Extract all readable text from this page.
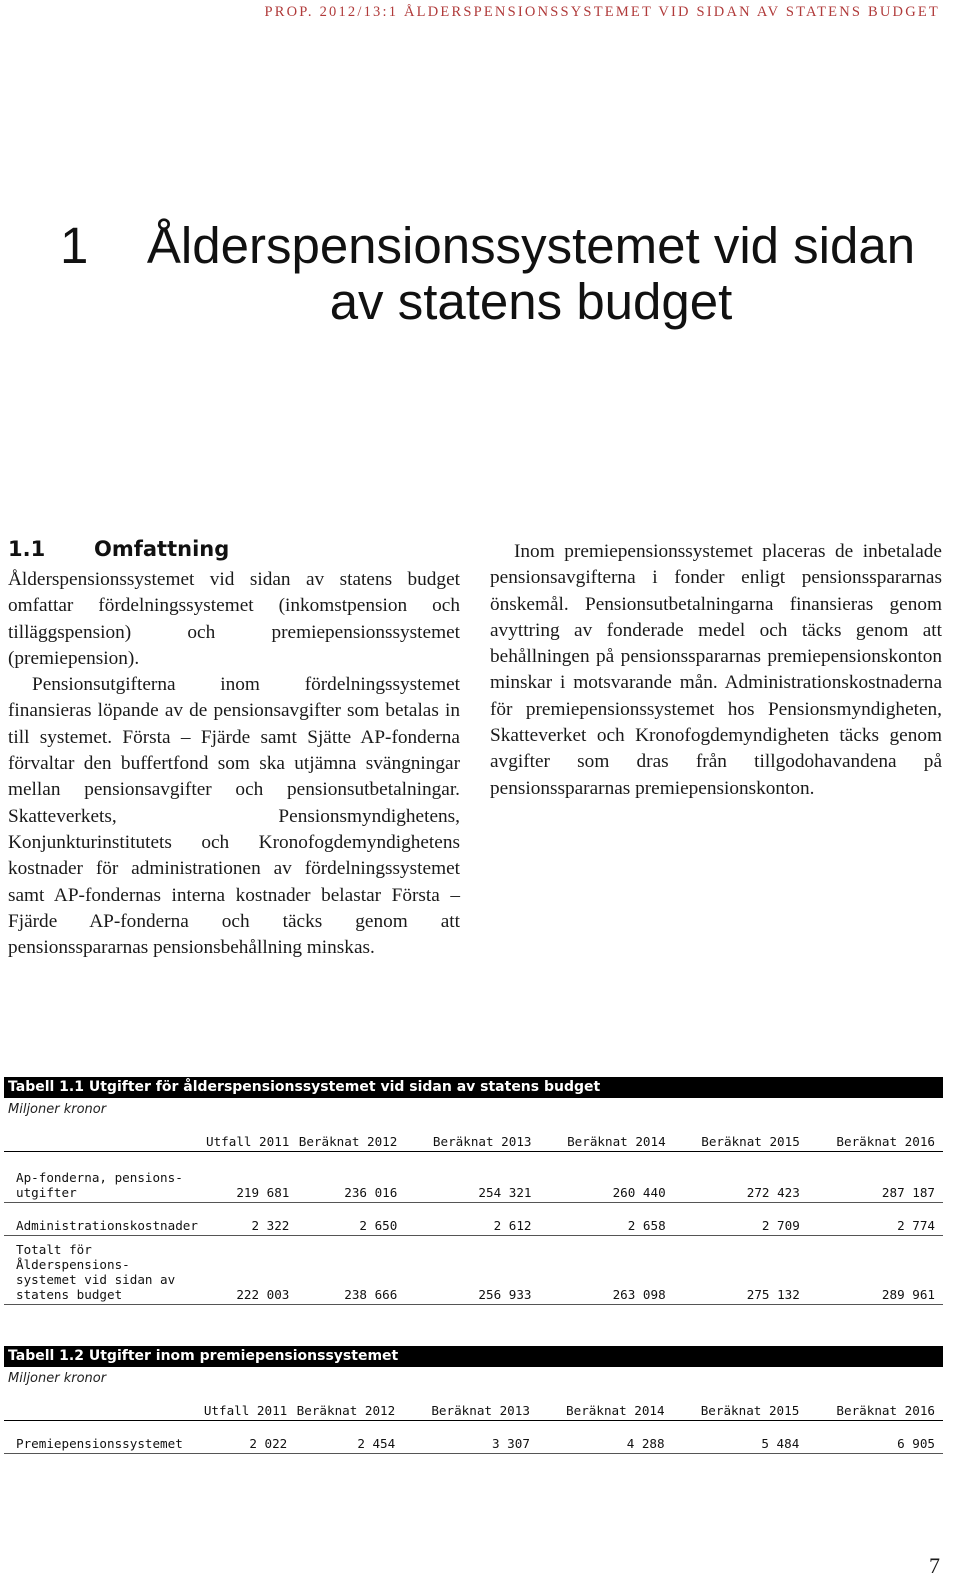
PROP. 2012/13:1 ÅLDERSPENSIONSSYSTEMET VID SIDAN AV STATENS BUDGET
1	Ålderspensionssystemet vid sidan av statens budget
1.1 Omfattning

Ålderspensionssystemet vid sidan av statens budget omfattar fördelningssystemet (inkomstpension och tilläggspension) och premiepensionssystemet (premiepension).

Pensionsutgifterna inom fördelningssystemet finansieras löpande av de pensionsavgifter som betalas in till systemet. Första – Fjärde samt Sjätte AP-fonderna förvaltar den buffertfond som ska utjämna svängningar mellan pensionsavgifter och pensionsutbetalningar. Skatteverkets, Pensionsmyndighetens, Konjunkturinstitutets och Kronofogdemyndighetens kostnader för administrationen av fördelningssystemet samt AP-fondernas interna kostnader belastar Första – Fjärde AP-fonderna och täcks genom att pensionsspararnas pensionsbehållning minskas.

Inom premiepensionssystemet placeras de inbetalade pensionsavgifterna i fonder enligt pensionsspararnas önskemål. Pensionsutbetalningarna finansieras genom avyttring av fonderade medel och täcks genom att behållningen på pensionsspararnas premiepensionskonton minskar i motsvarande mån. Administrationskostnaderna för premiepensionssystemet hos Pensionsmyndigheten, Skatteverket och Kronofogdemyndigheten täcks genom avgifter som dras från tillgodohavandena på pensionsspararnas premiepensionskonton.

Tabell 1.1 Utgifter för ålderspensionssystemet vid sidan av statens budget
Miljoner kronor
	Utfall 2011	Beräknat 2012	Beräknat 2013	Beräknat 2014	Beräknat 2015	Beräknat 2016
Ap-fonderna, pensions-
utgifter	219 681	236 016	254 321	260 440	272 423	287 187
Administrationskostnader	2 322	2 650	2 612	2 658	2 709	2 774
Totalt för Ålderspensions-
systemet vid sidan av
statens budget	222 003	238 666	256 933	263 098	275 132	289 961
Tabell 1.2 Utgifter inom premiepensionssystemet
Miljoner kronor
	Utfall 2011	Beräknat 2012	Beräknat 2013	Beräknat 2014	Beräknat 2015	Beräknat 2016
Premiepensionssystemet	2 022	2 454	3 307	4 288	5 484	6 905
7
